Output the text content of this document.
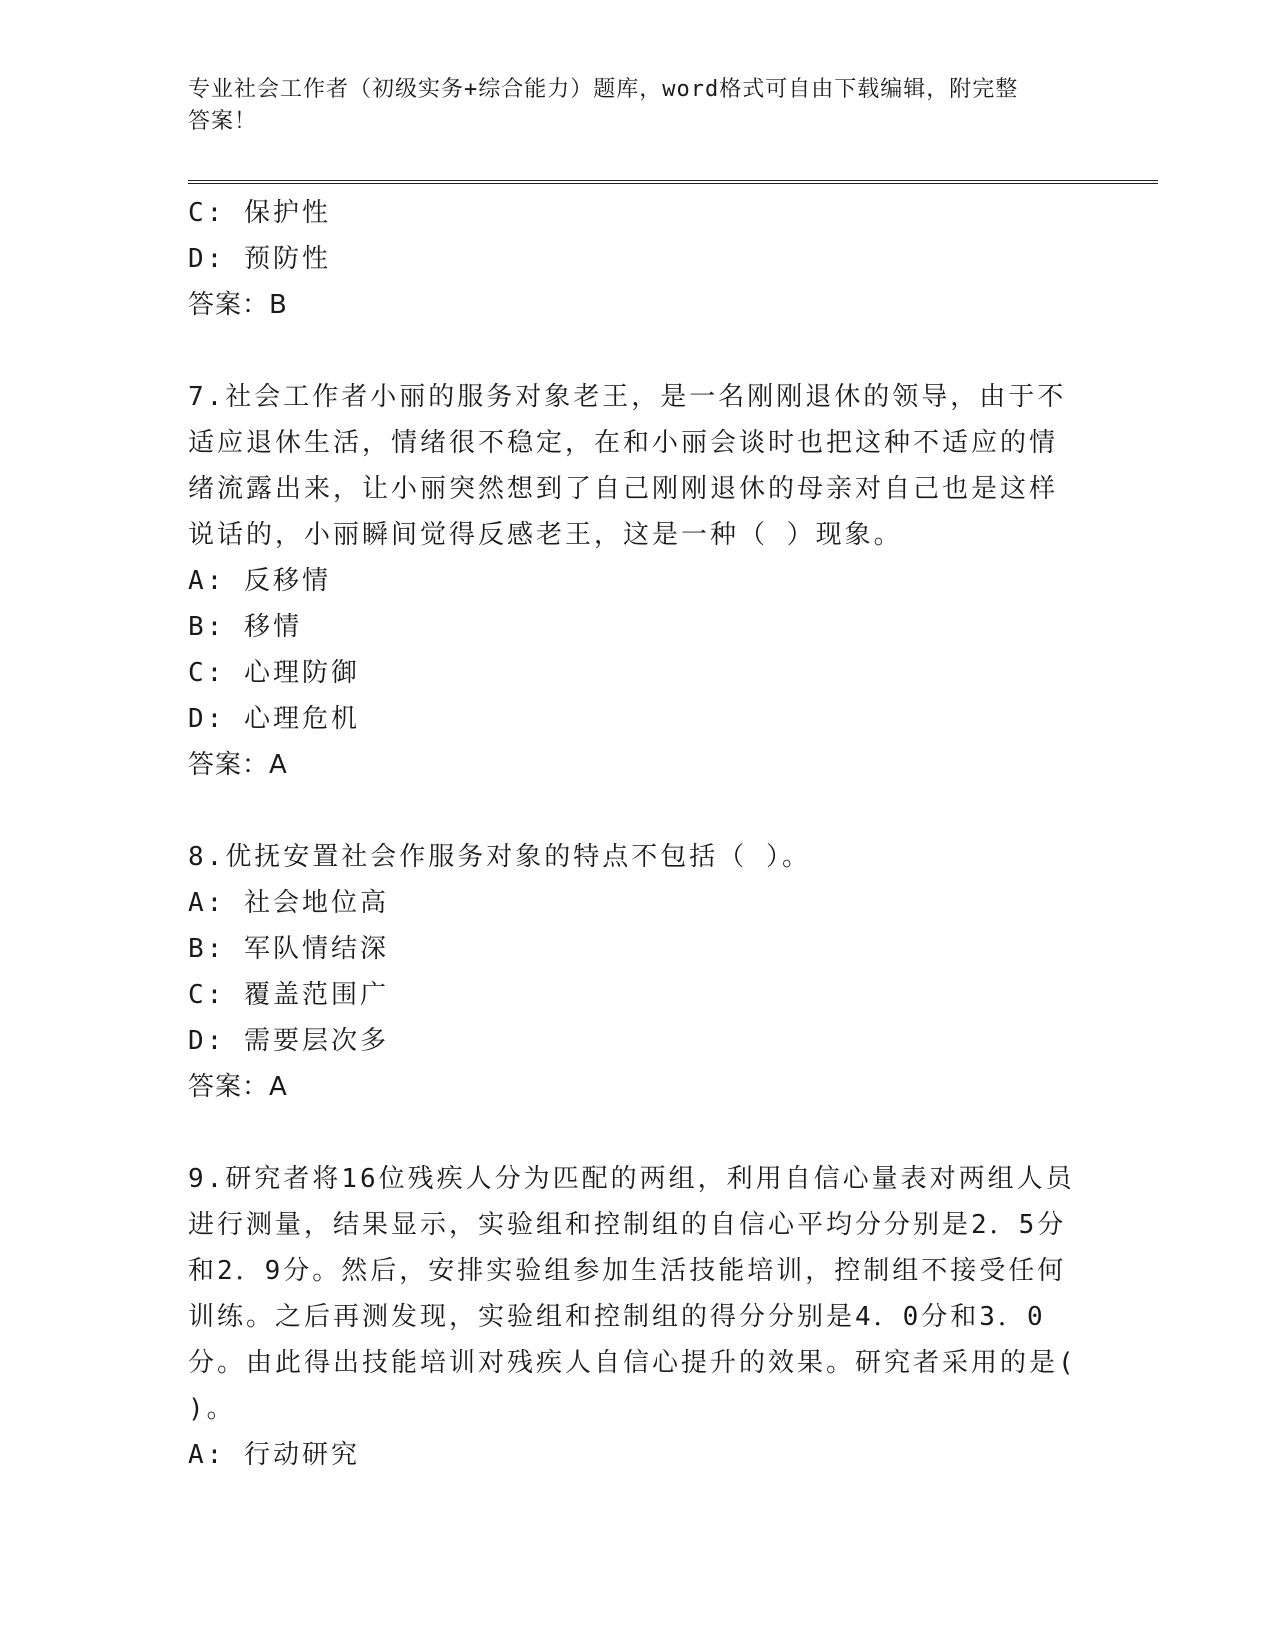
专业社会工作者（初级实务+综合能力）题库，word格式可自由下载编辑，附完整
答案！
C: 保护性
D: 预防性
答案：B
7.社会工作者小丽的服务对象老王，是一名刚刚退休的领导，由于不
适应退休生活，情绪很不稳定，在和小丽会谈时也把这种不适应的情
绪流露出来，让小丽突然想到了自己刚刚退休的母亲对自己也是这样
说话的，小丽瞬间觉得反感老王，这是一种（ ）现象。
A: 反移情
B: 移情
C: 心理防御
D: 心理危机
答案：A
8.优抚安置社会作服务对象的特点不包括（ ）。
A: 社会地位高
B: 军队情结深
C: 覆盖范围广
D: 需要层次多
答案：A
9.研究者将16位残疾人分为匹配的两组，利用自信心量表对两组人员
进行测量，结果显示，实验组和控制组的自信心平均分分别是2．5分
和2．9分。然后，安排实验组参加生活技能培训，控制组不接受任何
训练。之后再测发现，实验组和控制组的得分分别是4．0分和3．0
分。由此得出技能培训对残疾人自信心提升的效果。研究者采用的是(
)。
A: 行动研究
